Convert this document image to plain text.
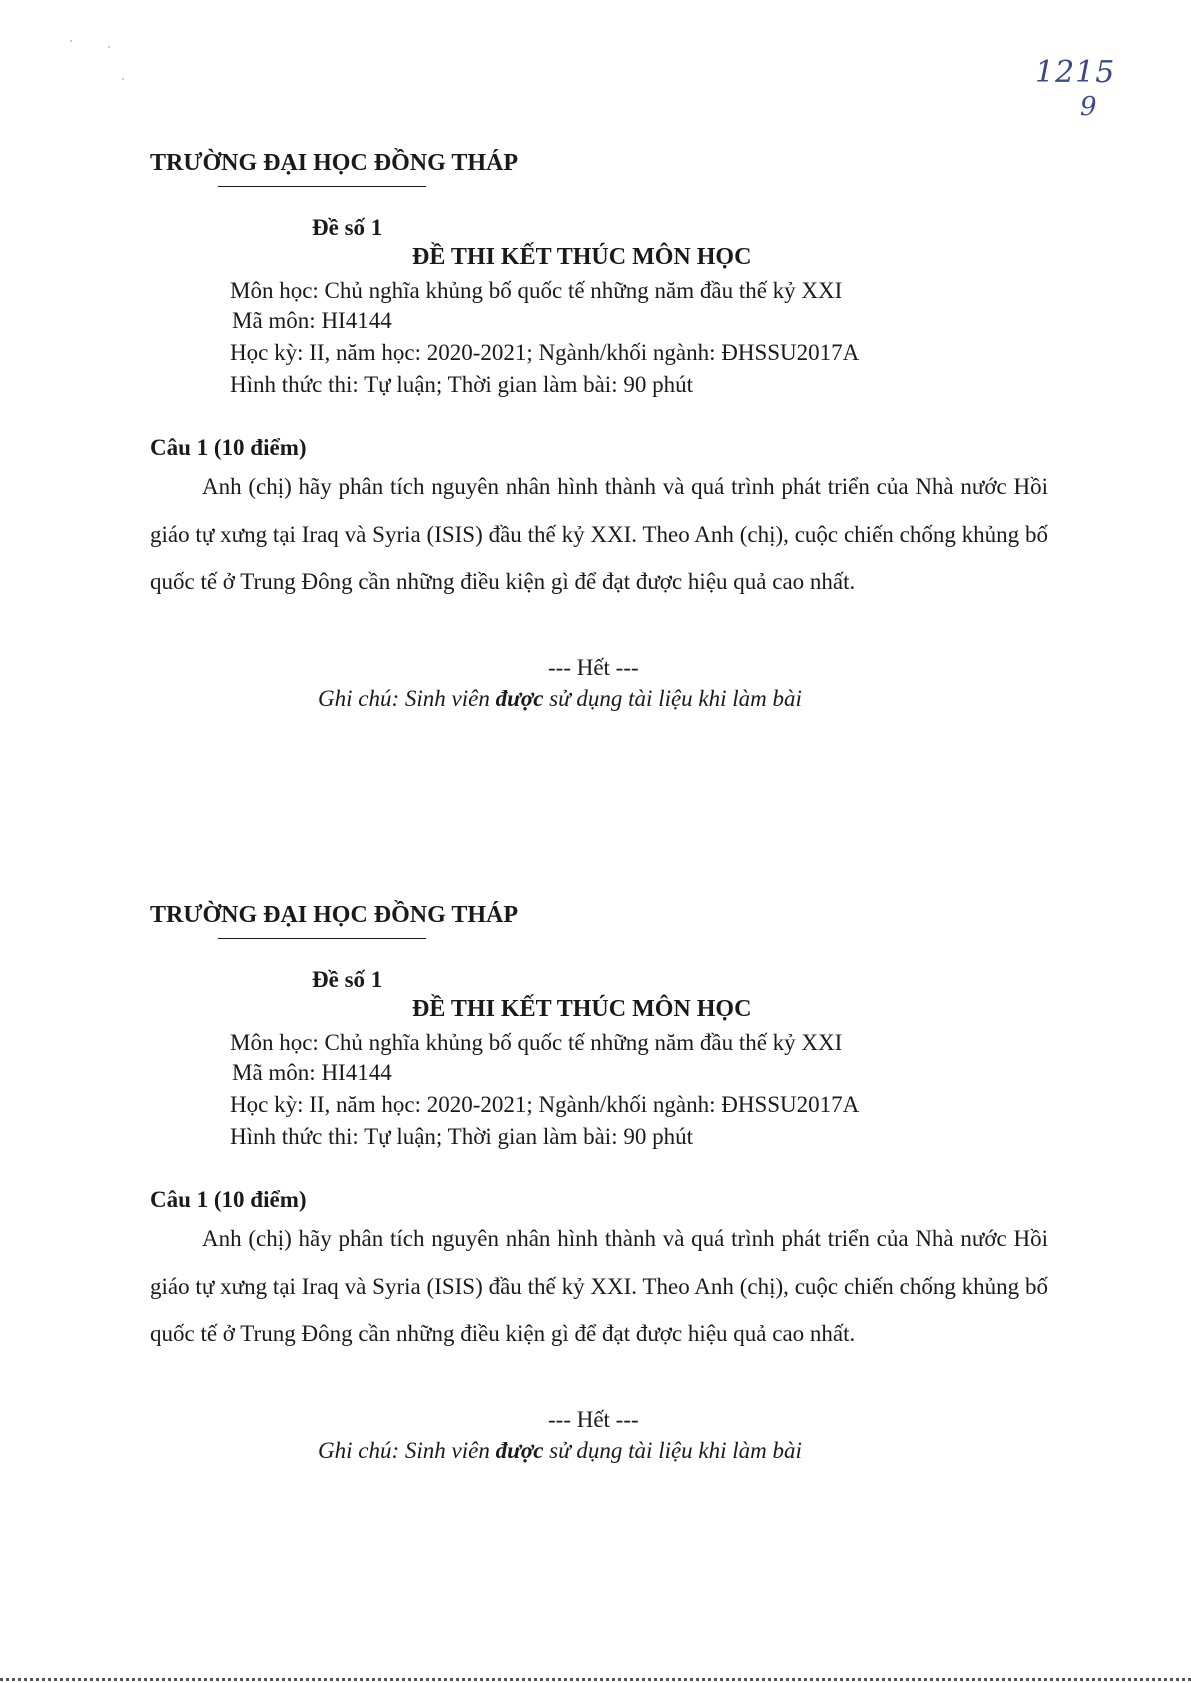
1215
9
TRƯỜNG ĐẠI HỌC ĐỒNG THÁP
Đề số 1
ĐỀ THI KẾT THÚC MÔN HỌC
Môn học: Chủ nghĩa khủng bố quốc tế những năm đầu thế kỷ XXI
Mã môn: HI4144
Học kỳ: II, năm học: 2020-2021; Ngành/khối ngành: ĐHSSU2017A
Hình thức thi: Tự luận; Thời gian làm bài: 90 phút
Câu 1 (10 điểm)

Anh (chị) hãy phân tích nguyên nhân hình thành và quá trình phát triển của Nhà nước Hồi giáo tự xưng tại Iraq và Syria (ISIS) đầu thế kỷ XXI. Theo Anh (chị), cuộc chiến chống khủng bố quốc tế ở Trung Đông cần những điều kiện gì để đạt được hiệu quả cao nhất.

--- Hết ---
Ghi chú: Sinh viên được sử dụng tài liệu khi làm bài
TRƯỜNG ĐẠI HỌC ĐỒNG THÁP
Đề số 1
ĐỀ THI KẾT THÚC MÔN HỌC
Môn học: Chủ nghĩa khủng bố quốc tế những năm đầu thế kỷ XXI
Mã môn: HI4144
Học kỳ: II, năm học: 2020-2021; Ngành/khối ngành: ĐHSSU2017A
Hình thức thi: Tự luận; Thời gian làm bài: 90 phút
Câu 1 (10 điểm)

Anh (chị) hãy phân tích nguyên nhân hình thành và quá trình phát triển của Nhà nước Hồi giáo tự xưng tại Iraq và Syria (ISIS) đầu thế kỷ XXI. Theo Anh (chị), cuộc chiến chống khủng bố quốc tế ở Trung Đông cần những điều kiện gì để đạt được hiệu quả cao nhất.

--- Hết ---
Ghi chú: Sinh viên được sử dụng tài liệu khi làm bài
